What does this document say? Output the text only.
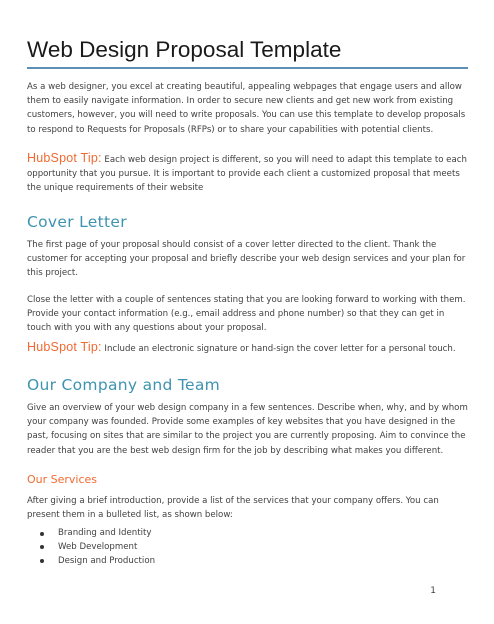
Web Design Proposal Template

As a web designer, you excel at creating beautiful, appealing webpages that engage users and allow them to easily navigate information. In order to secure new clients and get new work from existing customers, however, you will need to write proposals. You can use this template to develop proposals to respond to Requests for Proposals (RFPs) or to share your capabilities with potential clients.

HubSpot Tip: Each web design project is different, so you will need to adapt this template to each opportunity that you pursue. It is important to provide each client a customized proposal that meets the unique requirements of their website

Cover Letter

The first page of your proposal should consist of a cover letter directed to the client. Thank the customer for accepting your proposal and briefly describe your web design services and your plan for this project.

Close the letter with a couple of sentences stating that you are looking forward to working with them. Provide your contact information (e.g., email address and phone number) so that they can get in touch with you with any questions about your proposal.

HubSpot Tip: Include an electronic signature or hand-sign the cover letter for a personal touch.

Our Company and Team

Give an overview of your web design company in a few sentences. Describe when, why, and by whom your company was founded. Provide some examples of key websites that you have designed in the past, focusing on sites that are similar to the project you are currently proposing. Aim to convince the reader that you are the best web design firm for the job by describing what makes you different.

Our Services

After giving a brief introduction, provide a list of the services that your company offers. You can present them in a bulleted list, as shown below:

Branding and Identity
Web Development
Design and Production
1
